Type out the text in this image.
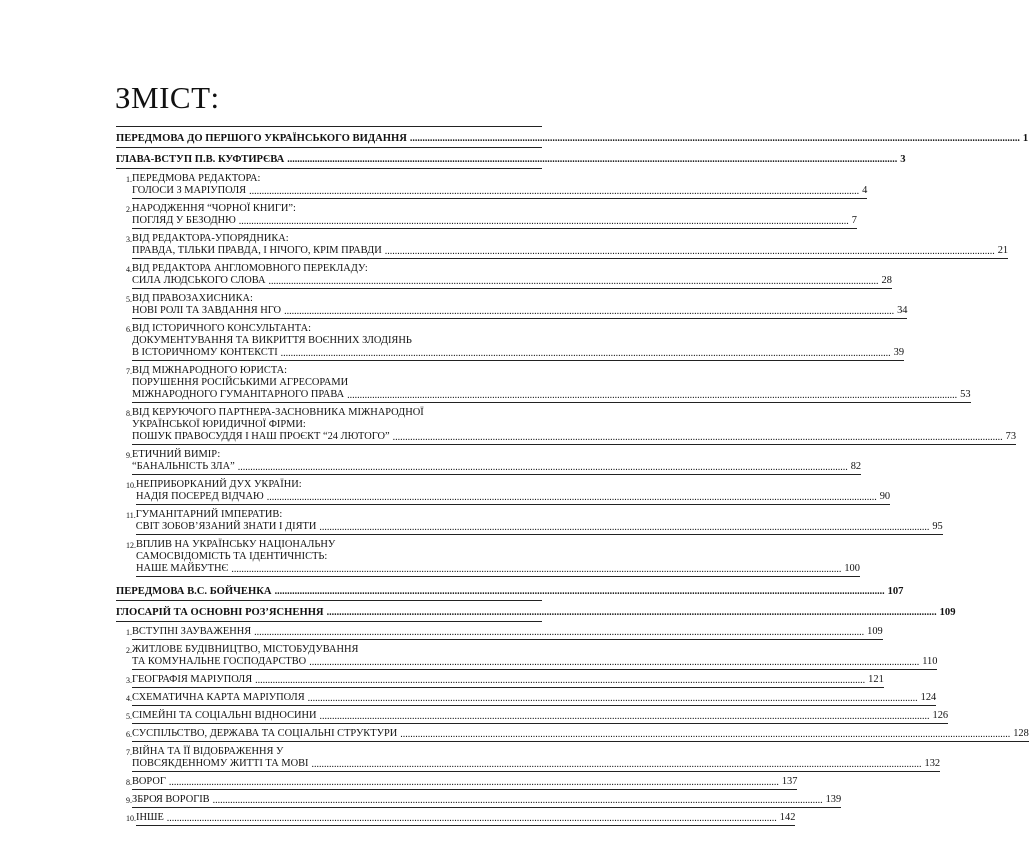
ЗМІСТ:
ПЕРЕДМОВА ДО ПЕРШОГО УКРАЇНСЬКОГО ВИДАННЯ .....	1
ГЛАВА-ВСТУП П.В. КУФТИРЄВА .....	3
1. ПЕРЕДМОВА РЕДАКТОРА:
ГОЛОСИ З МАРІУПОЛЯ .....	4
2. НАРОДЖЕННЯ “ЧОРНОЇ КНИГИ”:
ПОГЛЯД У БЕЗОДНЮ .....	7
3. ВІД РЕДАКТОРА-УПОРЯДНИКА:
ПРАВДА, ТІЛЬКИ ПРАВДА, І НІЧОГО, КРІМ ПРАВДИ .....	21
4. ВІД РЕДАКТОРА АНГЛОМОВНОГО ПЕРЕКЛАДУ:
СИЛА ЛЮДСЬКОГО СЛОВА .....	28
5. ВІД ПРАВОЗАХИСНИКА:
НОВІ РОЛІ ТА ЗАВДАННЯ НГО .....	34
6. ВІД ІСТОРИЧНОГО КОНСУЛЬТАНТА:
ДОКУМЕНТУВАННЯ ТА ВИКРИТТЯ ВОЄННИХ ЗЛОДІЯНЬ
В ІСТОРИЧНОМУ КОНТЕКСТІ .....	39
7. ВІД МІЖНАРОДНОГО ЮРИСТА:
ПОРУШЕННЯ РОСІЙСЬКИМИ АГРЕСОРАМИ
МІЖНАРОДНОГО ГУМАНІТАРНОГО ПРАВА .....	53
8. ВІД КЕРУЮЧОГО ПАРТНЕРА-ЗАСНОВНИКА МІЖНАРОДНОЇ
УКРАЇНСЬКОЇ ЮРИДИЧНОЇ ФІРМИ:
ПОШУК ПРАВОСУДДЯ І НАШ ПРОЄКТ “24 ЛЮТОГО” .....	73
9. ЕТИЧНИЙ ВИМІР:
“БАНАЛЬНІСТЬ ЗЛА” .....	82
10. НЕПРИБОРКАНИЙ ДУХ УКРАЇНИ:
НАДІЯ ПОСЕРЕД ВІДЧАЮ .....	90
11. ГУМАНІТАРНИЙ ІМПЕРАТИВ:
СВІТ ЗОБОВ’ЯЗАНИЙ ЗНАТИ І ДІЯТИ .....	95
12. ВПЛИВ НА УКРАЇНСЬКУ НАЦІОНАЛЬНУ
САМОСВІДОМІСТЬ ТА ІДЕНТИЧНІСТЬ:
НАШЕ МАЙБУТНЄ .....	100
ПЕРЕДМОВА В.С. БОЙЧЕНКА .....	107
ГЛОСАРІЙ ТА ОСНОВНІ РОЗ’ЯСНЕННЯ .....	109
1. ВСТУПНІ ЗАУВАЖЕННЯ .....	109
2. ЖИТЛОВЕ БУДІВНИЦТВО, МІСТОБУДУВАННЯ
ТА КОМУНАЛЬНЕ ГОСПОДАРСТВО .....	110
3. ГЕОГРАФІЯ МАРІУПОЛЯ .....	121
4. СХЕМАТИЧНА КАРТА МАРІУПОЛЯ .....	124
5. СІМЕЙНІ ТА СОЦІАЛЬНІ ВІДНОСИНИ .....	126
6. СУСПІЛЬСТВО, ДЕРЖАВА ТА СОЦІАЛЬНІ СТРУКТУРИ .....	128
7. ВІЙНА ТА ЇЇ ВІДОБРАЖЕННЯ У
ПОВСЯКДЕННОМУ ЖИТТІ ТА МОВІ .....	132
8. ВОРОГ .....	137
9. ЗБРОЯ ВОРОГІВ .....	139
10. ІНШЕ .....	142
